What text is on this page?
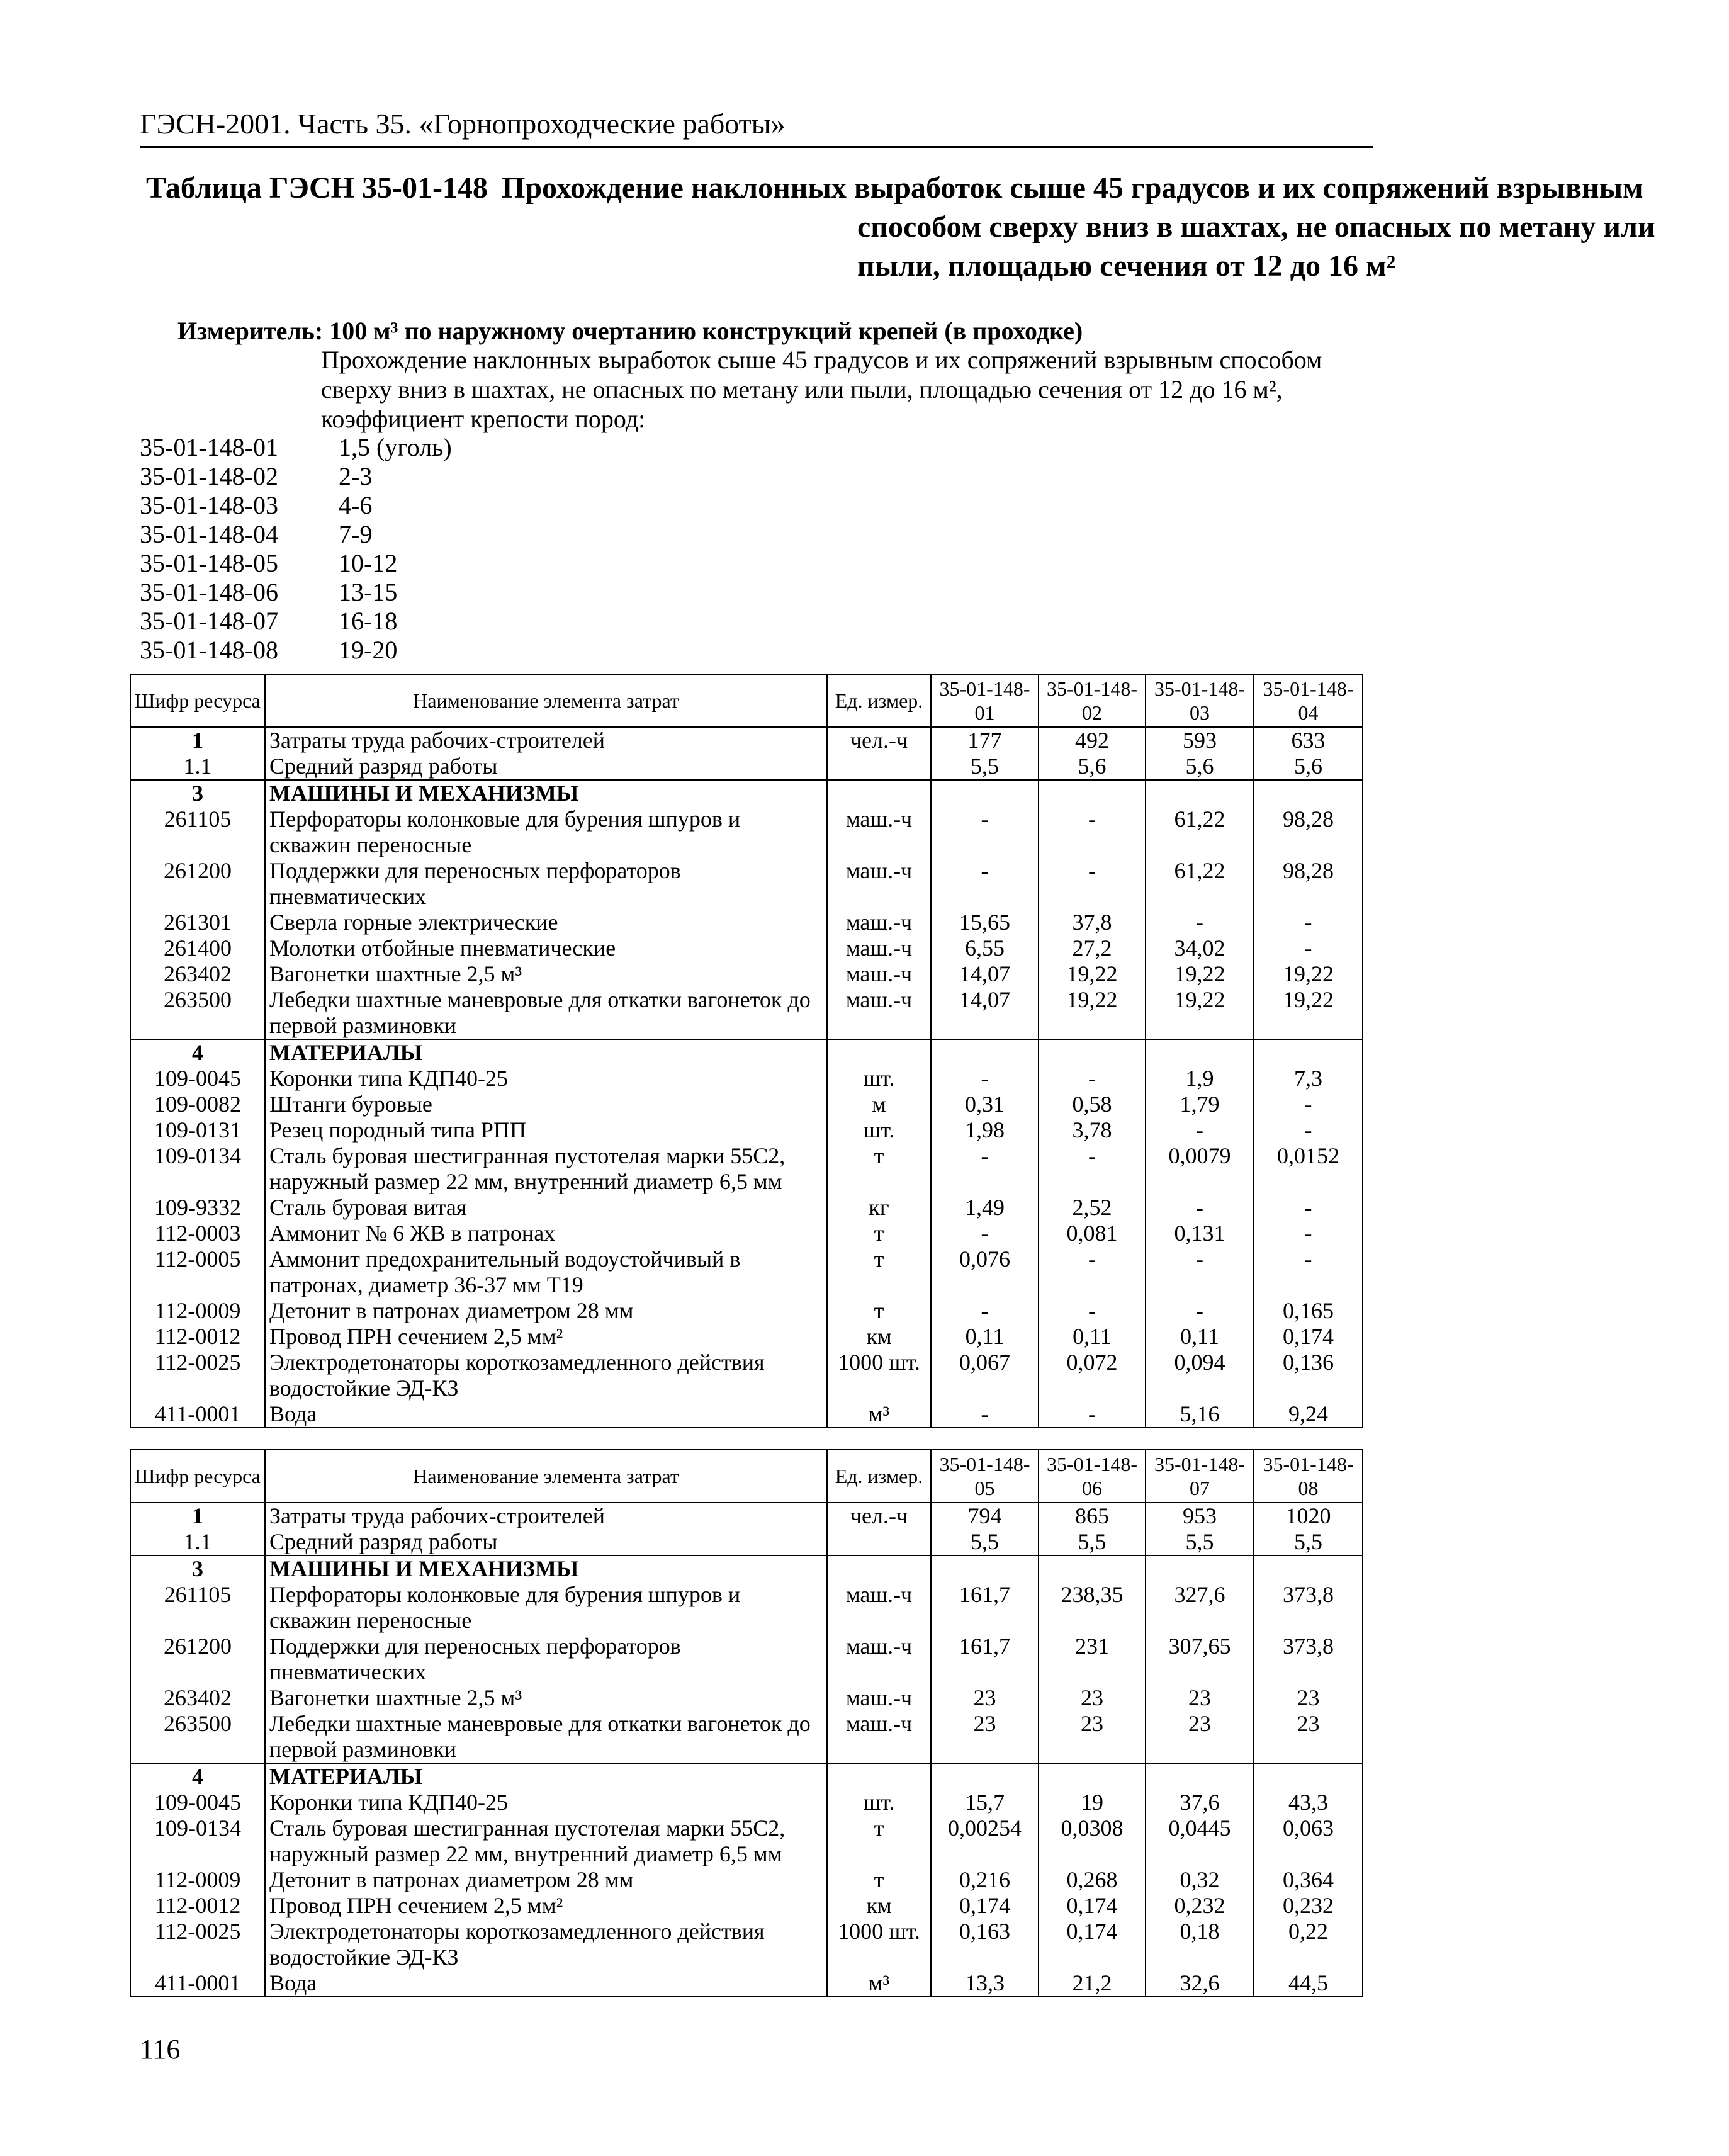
ГЭСН-2001. Часть 35. «Горнопроходческие работы»
Таблица ГЭСН 35-01-148 Прохождение наклонных выработок сыше 45 градусов и их сопряжений взрывным способом сверху вниз в шахтах, не опасных по метану или пыли, площадью сечения от 12 до 16 м²
Измеритель: 100 м³ по наружному очертанию конструкций крепей (в проходке)
Прохождение наклонных выработок сыше 45 градусов и их сопряжений взрывным способом сверху вниз в шахтах, не опасных по метану или пыли, площадью сечения от 12 до 16 м², коэффициент крепости пород:
35-01-148-01 1,5 (уголь)
35-01-148-02 2-3
35-01-148-03 4-6
35-01-148-04 7-9
35-01-148-05 10-12
35-01-148-06 13-15
35-01-148-07 16-18
35-01-148-08 19-20
Шифр ресурса	Наименование элемента затрат	Ед. измер.	35-01-148-01	35-01-148-02	35-01-148-03	35-01-148-04
1	Затраты труда рабочих-строителей	чел.-ч	177	492	593	633
1.1	Средний разряд работы		5,5	5,6	5,6	5,6
3	МАШИНЫ И МЕХАНИЗМЫ					
261105	Перфораторы колонковые для бурения шпуров и скважин переносные	маш.-ч	-	-	61,22	98,28
261200	Поддержки для переносных перфораторов пневматических	маш.-ч	-	-	61,22	98,28
261301	Сверла горные электрические	маш.-ч	15,65	37,8	-	-
261400	Молотки отбойные пневматические	маш.-ч	6,55	27,2	34,02	-
263402	Вагонетки шахтные 2,5 м³	маш.-ч	14,07	19,22	19,22	19,22
263500	Лебедки шахтные маневровые для откатки вагонеток до первой разминовки	маш.-ч	14,07	19,22	19,22	19,22
4	МАТЕРИАЛЫ					
109-0045	Коронки типа КДП40-25	шт.	-	-	1,9	7,3
109-0082	Штанги буровые	м	0,31	0,58	1,79	-
109-0131	Резец породный типа РПП	шт.	1,98	3,78	-	-
109-0134	Сталь буровая шестигранная пустотелая марки 55С2, наружный размер 22 мм, внутренний диаметр 6,5 мм	т	-	-	0,0079	0,0152
109-9332	Сталь буровая витая	кг	1,49	2,52	-	-
112-0003	Аммонит № 6 ЖВ в патронах	т	-	0,081	0,131	-
112-0005	Аммонит предохранительный водоустойчивый в патронах, диаметр 36-37 мм Т19	т	0,076	-	-	-
112-0009	Детонит в патронах диаметром 28 мм	т	-	-	-	0,165
112-0012	Провод ПРН сечением 2,5 мм²	км	0,11	0,11	0,11	0,174
112-0025	Электродетонаторы короткозамедленного действия водостойкие ЭД-КЗ	1000 шт.	0,067	0,072	0,094	0,136
411-0001	Вода	м³	-	-	5,16	9,24
Шифр ресурса	Наименование элемента затрат	Ед. измер.	35-01-148-05	35-01-148-06	35-01-148-07	35-01-148-08
1	Затраты труда рабочих-строителей	чел.-ч	794	865	953	1020
1.1	Средний разряд работы		5,5	5,5	5,5	5,5
3	МАШИНЫ И МЕХАНИЗМЫ					
261105	Перфораторы колонковые для бурения шпуров и скважин переносные	маш.-ч	161,7	238,35	327,6	373,8
261200	Поддержки для переносных перфораторов пневматических	маш.-ч	161,7	231	307,65	373,8
263402	Вагонетки шахтные 2,5 м³	маш.-ч	23	23	23	23
263500	Лебедки шахтные маневровые для откатки вагонеток до первой разминовки	маш.-ч	23	23	23	23
4	МАТЕРИАЛЫ					
109-0045	Коронки типа КДП40-25	шт.	15,7	19	37,6	43,3
109-0134	Сталь буровая шестигранная пустотелая марки 55С2, наружный размер 22 мм, внутренний диаметр 6,5 мм	т	0,00254	0,0308	0,0445	0,063
112-0009	Детонит в патронах диаметром 28 мм	т	0,216	0,268	0,32	0,364
112-0012	Провод ПРН сечением 2,5 мм²	км	0,174	0,174	0,232	0,232
112-0025	Электродетонаторы короткозамедленного действия водостойкие ЭД-КЗ	1000 шт.	0,163	0,174	0,18	0,22
411-0001	Вода	м³	13,3	21,2	32,6	44,5
116
